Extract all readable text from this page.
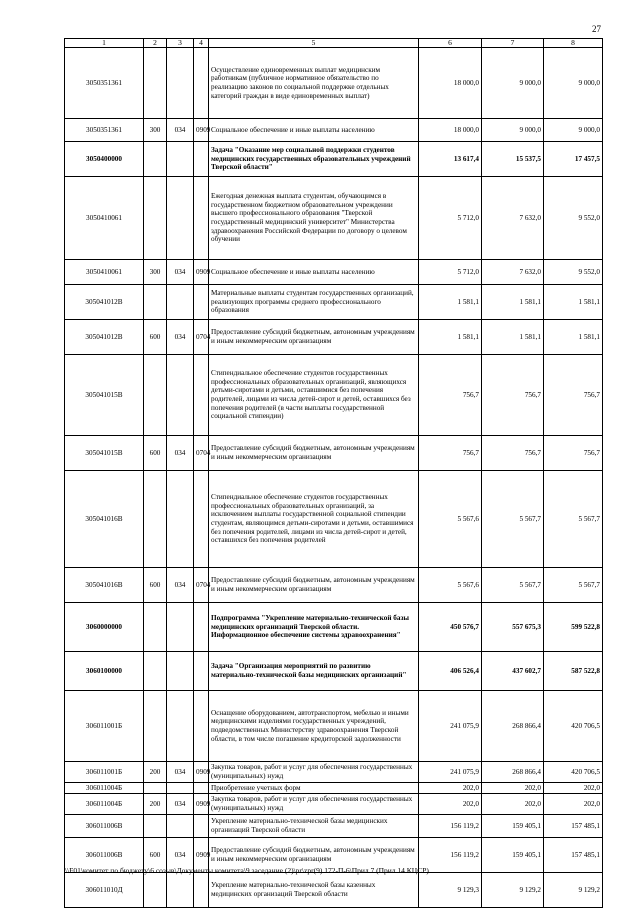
27
1	2	3	4	5	6	7	8
3050351361				Осуществление единовременных выплат медицинским работникам (публичное нормативное обязательство по реализацию законов по социальной поддержке отдельных категорий граждан в виде единовременных выплат)	18 000,0	9 000,0	9 000,0
3050351361	300	034	0909	Социальное обеспечение и иные выплаты населению	18 000,0	9 000,0	9 000,0
3050400000				Задача "Оказание мер социальной поддержки студентов медицинских государственных образовательных учреждений Тверской области"	13 617,4	15 537,5	17 457,5
3050410061				Ежегодная денежная выплата студентам, обучающимся в государственном бюджетном образовательном учреждении высшего профессионального образования "Тверской государственный медицинский университет" Министерства здравоохранения Российской Федерации по договору о целевом обучении	5 712,0	7 632,0	9 552,0
3050410061	300	034	0909	Социальное обеспечение и иные выплаты населению	5 712,0	7 632,0	9 552,0
305041012В				Материальные выплаты студентам государственных организаций, реализующих программы среднего профессионального образования	1 581,1	1 581,1	1 581,1
305041012В	600	034	0704	Предоставление субсидий бюджетным, автономным учреждениям и иным некоммерческим организациям	1 581,1	1 581,1	1 581,1
305041015В				Стипендиальное обеспечение студентов государственных профессиональных образовательных организаций, являющихся детьми-сиротами и детьми, оставшимися без попечения родителей, лицами из числа детей-сирот и детей, оставшихся без попечения родителей (в части выплаты государственной социальной стипендии)	756,7	756,7	756,7
305041015В	600	034	0704	Предоставление субсидий бюджетным, автономным учреждениям и иным некоммерческим организациям	756,7	756,7	756,7
305041016В				Стипендиальное обеспечение студентов государственных профессиональных образовательных организаций, за исключением выплаты государственной социальной стипендии студентам, являющимся детьми-сиротами и детьми, оставшимися без попечения родителей, лицами из числа детей-сирот и детей, оставшихся без попечения родителей	5 567,6	5 567,7	5 567,7
305041016В	600	034	0704	Предоставление субсидий бюджетным, автономным учреждениям и иным некоммерческим организациям	5 567,6	5 567,7	5 567,7
3060000000				Подпрограмма "Укрепление материально-технической базы медицинских организаций Тверской области. Информационное обеспечение системы здравоохранения"	450 576,7	557 675,3	599 522,8
3060100000				Задача "Организация мероприятий по развитию материально-технической базы медицинских организаций"	406 526,4	437 602,7	587 522,8
306011001Б				Оснащение оборудованием, автотранспортом, мебелью и иными медицинскими изделиями государственных учреждений, подведомственных Министерству здравоохранения Тверской области, в том числе погашение кредиторской задолженности	241 075,9	268 866,4	420 706,5
306011001Б	200	034	0909	Закупка товаров, работ и услуг для обеспечения государственных (муниципальных) нужд	241 075,9	268 866,4	420 706,5
306011004Б				Приобретение учетных форм	202,0	202,0	202,0
306011004Б	200	034	0909	Закупка товаров, работ и услуг для обеспечения государственных (муниципальных) нужд	202,0	202,0	202,0
306011006В				Укрепление материально-технической базы медицинских организаций Тверской области	156 119,2	159 405,1	157 485,1
306011006В	600	034	0909	Предоставление субсидий бюджетным, автономным учреждениям и иным некоммерческим организациям	156 119,2	159 405,1	157 485,1
306011010Д				Укрепление материально-технической базы казенных медицинских организаций Тверской области	9 129,3	9 129,2	9 129,2
\\F01\комитет по бюджету\6 созыв\Документы комитета\9 заседание (2)\pr\zpr(9) 172-П-6\Прил 7 (Прил 14 КЦСР)
